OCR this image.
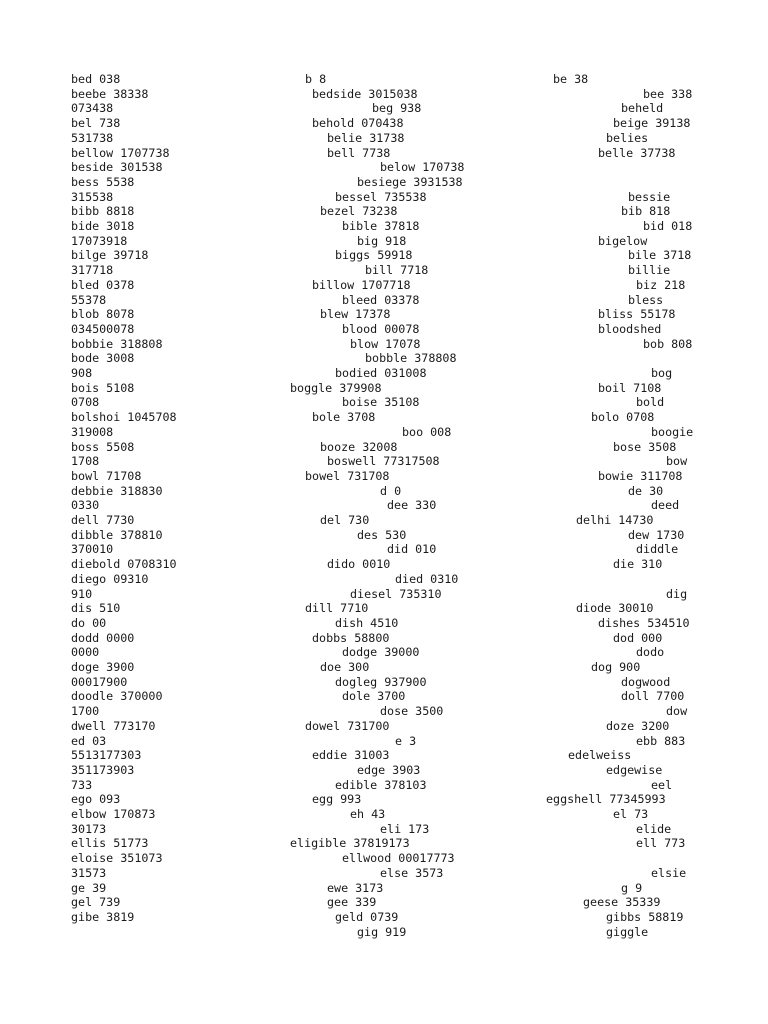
bed 038
beebe 38338
073438
bel 738
531738
bellow 1707738
beside 301538
bess 5538
315538
bibb 8818
bide 3018
17073918
bilge 39718
317718
bled 0378
55378
blob 8078
034500078
bobbie 318808
bode 3008
908
bois 5108
0708
bolshoi 1045708
319008
boss 5508
1708
bowl 71708
debbie 318830
0330
dell 7730
dibble 378810
370010
diebold 0708310
diego 09310
910
dis 510
do 00
dodd 0000
0000
doge 3900
00017900
doodle 370000
1700
dwell 773170
ed 03
5513177303
351173903
733
ego 093
elbow 170873
30173
ellis 51773
eloise 351073
31573
ge 39
gel 739
gibe 3819
b 8
bedside 3015038
beg 938
behold 070438
belie 31738
bell 7738
below 170738
besiege 3931538
bessel 735538
bezel 73238
bible 37818
big 918
biggs 59918
bill 7718
billow 1707718
bleed 03378
blew 17378
blood 00078
blow 17078
bobble 378808
bodied 031008
boggle 379908
boise 35108
bole 3708
boo 008
booze 32008
boswell 77317508
bowel 731708
d 0
dee 330
del 730
des 530
did 010
dido 0010
died 0310
diesel 735310
dill 7710
dish 4510
dobbs 58800
dodge 39000
doe 300
dogleg 937900
dole 3700
dose 3500
dowel 731700
e 3
eddie 31003
edge 3903
edible 378103
egg 993
eh 43
eli 173
eligible 37819173
ellwood 00017773
else 3573
ewe 3173
gee 339
geld 0739
gig 919
be 38
bee 338
beheld
beige 39138
belies
belle 37738
bessie
bib 818
bid 018
bigelow
bile 3718
billie
biz 218
bless
bliss 55178
bloodshed
bob 808
bog
boil 7108
bold
bolo 0708
boogie
bose 3508
bow
bowie 311708
de 30
deed
delhi 14730
dew 1730
diddle
die 310
dig
diode 30010
dishes 534510
dod 000
dodo
dog 900
dogwood
doll 7700
dow
doze 3200
ebb 883
edelweiss
edgewise
eel
eggshell 77345993
el 73
elide
ell 773
elsie
g 9
geese 35339
gibbs 58819
giggle
